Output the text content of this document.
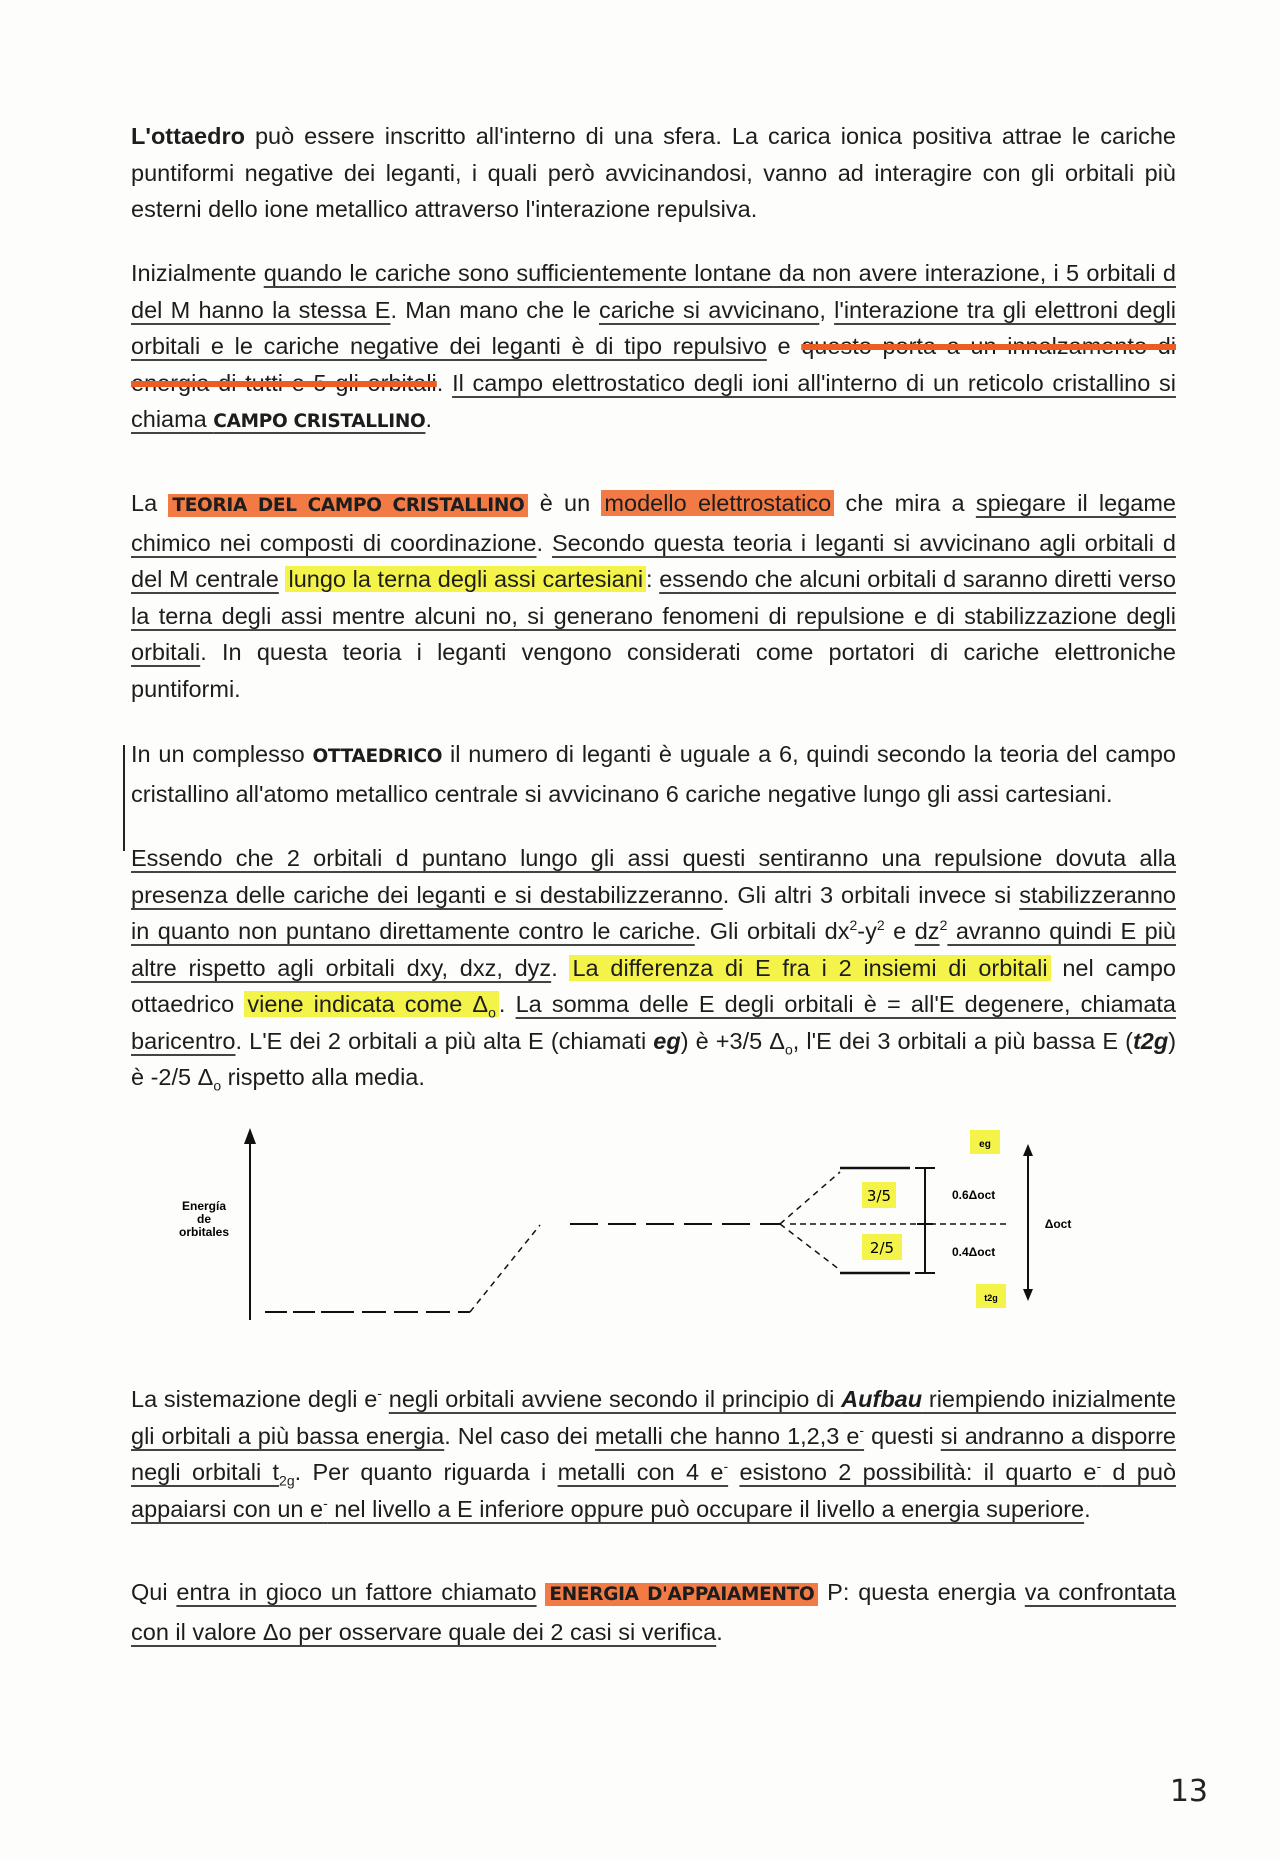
L'ottaedro può essere inscritto all'interno di una sfera. La carica ionica positiva attrae le cariche puntiformi negative dei leganti, i quali però avvicinandosi, vanno ad interagire con gli orbitali più esterni dello ione metallico attraverso l'interazione repulsiva.
Inizialmente quando le cariche sono sufficientemente lontane da non avere interazione, i 5 orbitali d del M hanno la stessa E. Man mano che le cariche si avvicinano, l'interazione tra gli elettroni degli orbitali e le cariche negative dei leganti è di tipo repulsivo e questo porta a un innalzamento di energia di tutti e 5 gli orbitali. Il campo elettrostatico degli ioni all'interno di un reticolo cristallino si chiama CAMPO CRISTALLINO.
La TEORIA DEL CAMPO CRISTALLINO è un modello elettrostatico che mira a spiegare il legame chimico nei composti di coordinazione. Secondo questa teoria i leganti si avvicinano agli orbitali d del M centrale lungo la terna degli assi cartesiani : essendo che alcuni orbitali d saranno diretti verso la terna degli assi mentre alcuni no, si generano fenomeni di repulsione e di stabilizzazione degli orbitali. In questa teoria i leganti vengono considerati come portatori di cariche elettroniche puntiformi.
In un complesso OTTAEDRICO il numero di leganti è uguale a 6, quindi secondo la teoria del campo cristallino all'atomo metallico centrale si avvicinano 6 cariche negative lungo gli assi cartesiani.
Essendo che 2 orbitali d puntano lungo gli assi questi sentiranno una repulsione dovuta alla presenza delle cariche dei leganti e si destabilizzeranno. Gli altri 3 orbitali invece si stabilizzeranno in quanto non puntano direttamente contro le cariche. Gli orbitali $dx^2-y^2$ e $dz^2$ avranno quindi E più altre rispetto agli orbitali dxy, dxz, dyz. La differenza di E fra i 2 insiemi di orbitali nel campo ottaedrico viene indicata come $\Delta_o$ . La somma delle E degli orbitali è = all'E degenere, chiamata baricentro. L'E dei 2 orbitali a più alta E (chiamati eg) è +3/5 $\Delta_o$, l'E dei 3 orbitali a più bassa E (t2g) è -2/5 $\Delta_o$ rispetto alla media.
Energía
de
orbitales
Δoct
3/5
2/5
0.6Δoct
0.4Δoct
eg
t2g
La sistemazione degli e- negli orbitali avviene secondo il principio di Aufbau riempiendo inizialmente gli orbitali a più bassa energia. Nel caso dei metalli che hanno 1,2,3 e- questi si andranno a disporre negli orbitali $t_{2g}$. Per quanto riguarda i metalli con 4 e- esistono 2 possibilità: il quarto e- d può appaiarsi con un e- nel livello a E inferiore oppure può occupare il livello a energia superiore.
Qui entra in gioco un fattore chiamato ENERGIA D'APPAIAMENTO P: questa energia va confrontata con il valore Δo per osservare quale dei 2 casi si verifica.
13
